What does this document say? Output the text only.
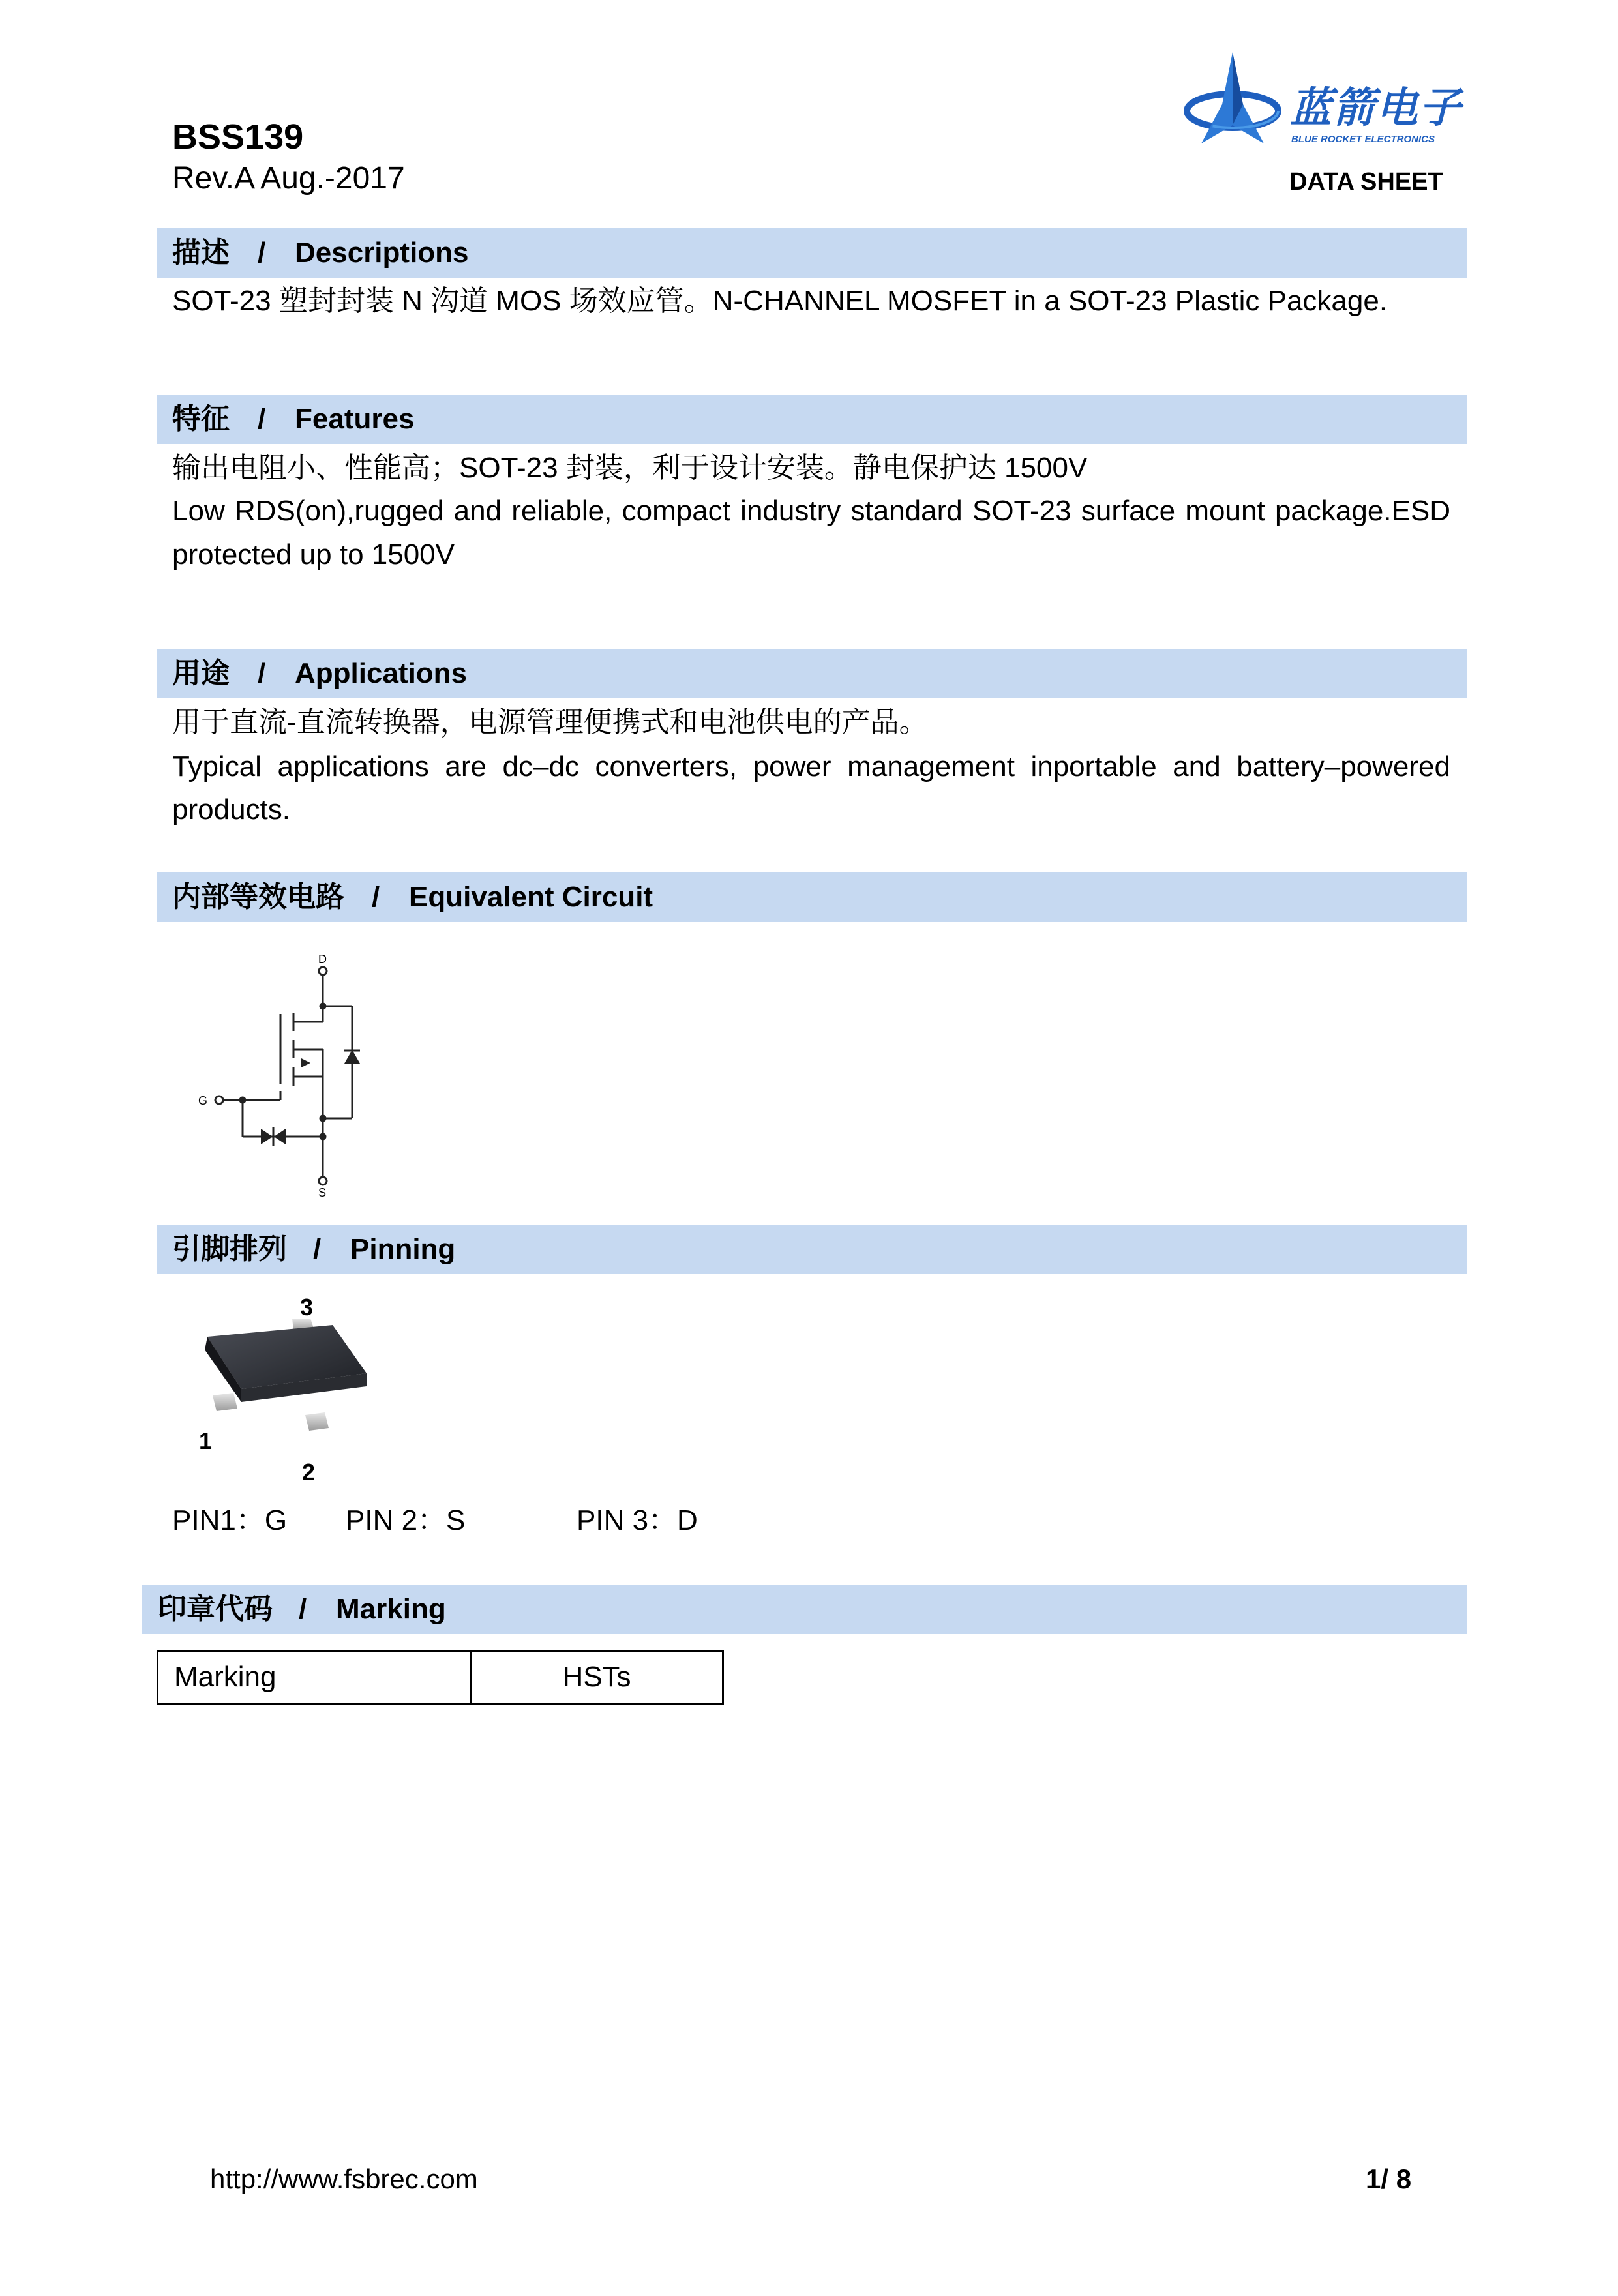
BSS139
Rev.A Aug.-2017
蓝箭电子
BLUE ROCKET ELECTRONICS
DATA SHEET
描述 / Descriptions
SOT-23 塑封封装 N 沟道 MOS 场效应管。N-CHANNEL MOSFET in a SOT-23 Plastic Package.
特征 / Features
输出电阻小、性能高；SOT-23 封装，利于设计安装。静电保护达 1500V
Low RDS(on),rugged and reliable, compact industry standard SOT-23 surface mount package.ESD
protected up to 1500V
用途 / Applications
用于直流-直流转换器，电源管理便携式和电池供电的产品。
Typical applications are dc–dc converters, power management inportable and battery–powered
products.
内部等效电路 / Equivalent Circuit
D
G
S
引脚排列 / Pinning
3
1
2
PIN1：G PIN 2：S	PIN 3：D
印章代码 / Marking
Marking	HSTs
http://www.fsbrec.com	1/ 8
